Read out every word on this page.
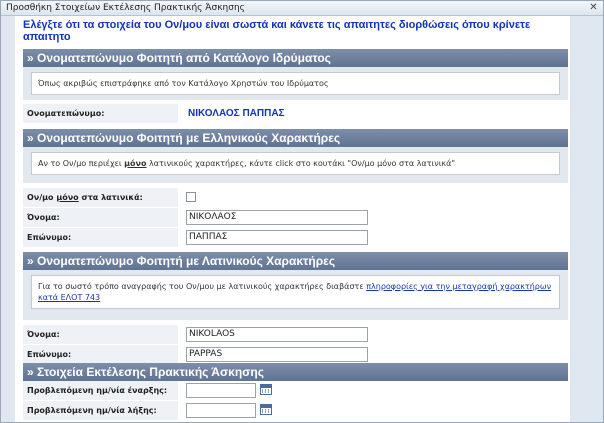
Προσθήκη Στοιχείων Εκτέλεσης Πρακτικής Άσκησης	✕
Ελέγξτε ότι τα στοιχεία του Ον/μου είναι σωστά και κάνετε τις απαιτητες διορθώσεις όπου κρίνετε απαιτητο
» Ονοματεπώνυμο Φοιτητή από Κατάλογο Ιδρύματος
Όπως ακριβώς επιστράφηκε από τον Κατάλογο Χρηστών του Ιδρύματος
Ονοματεπώνυμο:	ΝΙΚΟΛΑΟΣ ΠΑΠΠΑΣ
» Ονοματεπώνυμο Φοιτητή με Ελληνικούς Χαρακτήρες
Αν το Ον/μο περιέχει μόνο λατινικούς χαρακτήρες, κάντε click στο κουτάκι "Ον/μο μόνο στα λατινικά"
Ον/μο μόνο στα λατινικά:
Όνομα:
ΝΙΚΟΛΑΟΣ
Επώνυμο:
ΠΑΠΠΑΣ
» Ονοματεπώνυμο Φοιτητή με Λατινικούς Χαρακτήρες
Για το σωστό τρόπο αναγραφής του Ον/μου με λατινικούς χαρακτήρες διαβάστε πληροφορίες για την μεταγραφή χαρακτήρων κατά ΕΛΟΤ 743
Όνομα:
NIKOLAOS
Επώνυμο:
PAPPAS
» Στοιχεία Εκτέλεσης Πρακτικής Άσκησης
Προβλεπόμενη ημ/νία έναρξης:
Προβλεπόμενη ημ/νία λήξης:
